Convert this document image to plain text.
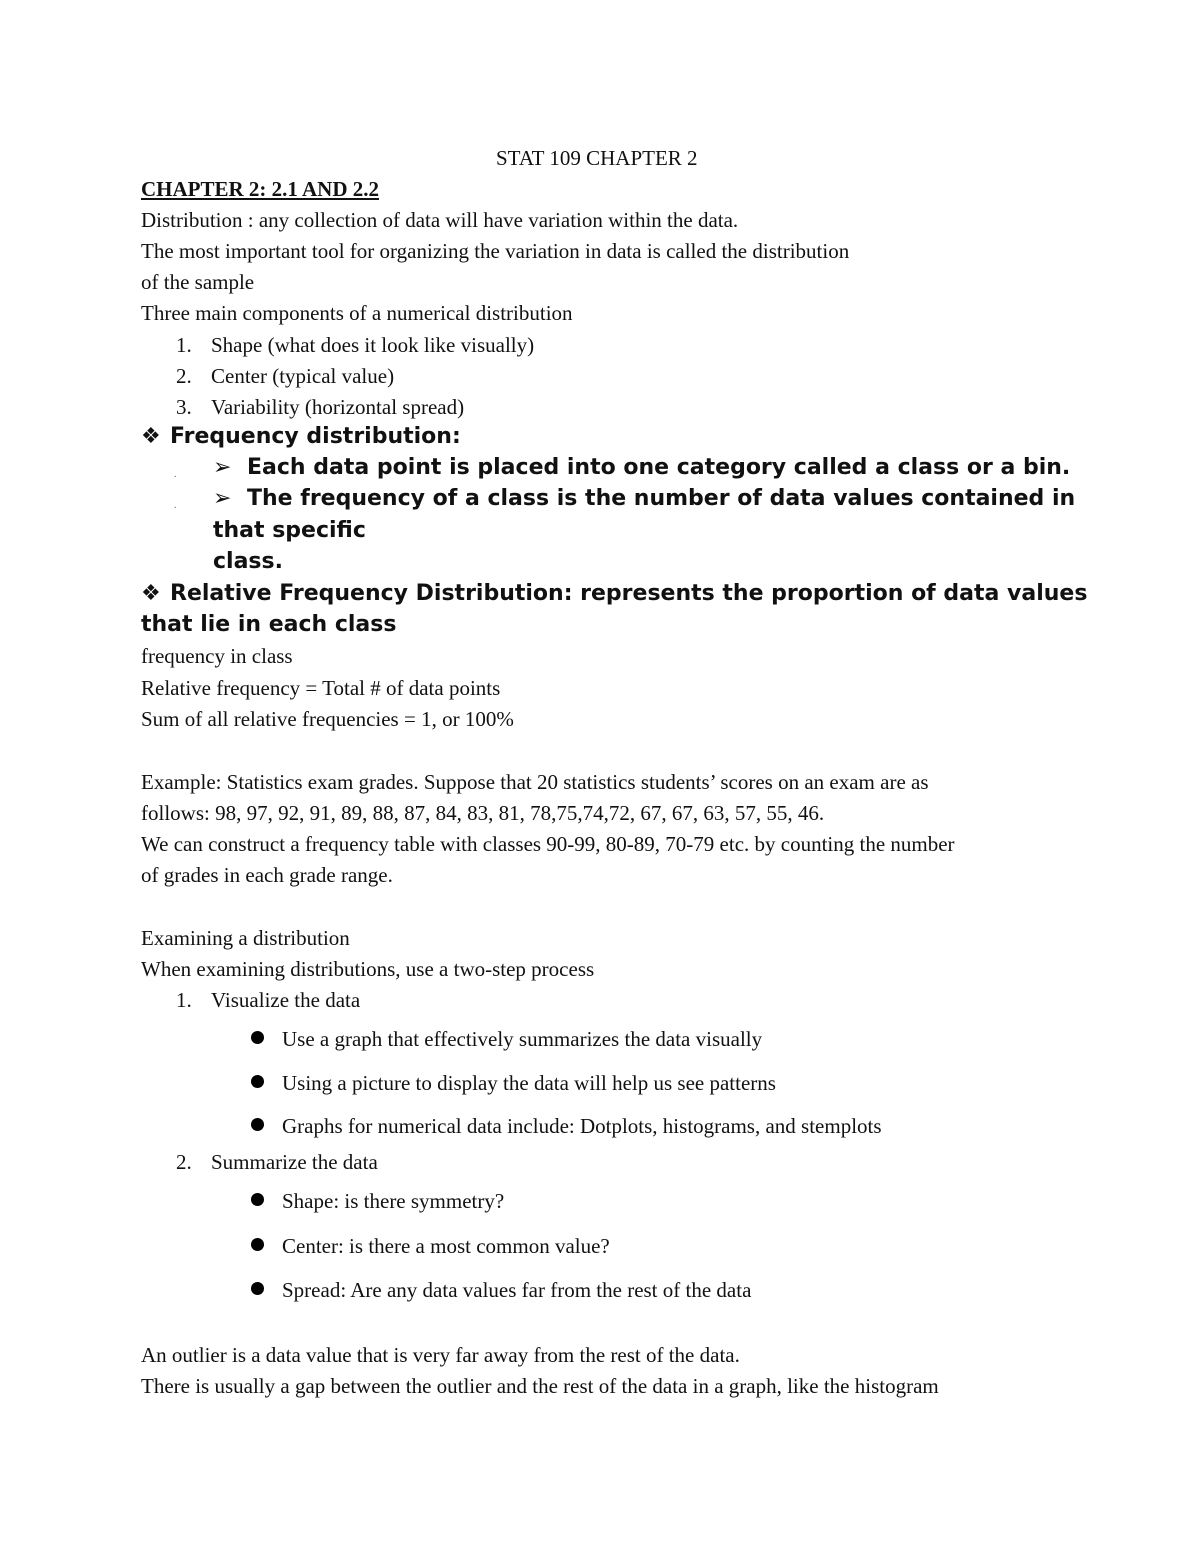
STAT 109 CHAPTER 2
CHAPTER 2: 2.1 AND 2.2
Distribution : any collection of data will have variation within the data.
The most important tool for organizing the variation in data is called the distribution
of the sample
Three main components of a numerical distribution
1. Shape (what does it look like visually)
2. Center (typical value)
3. Variability (horizontal spread)
❖ Frequency distribution:
. ➢ Each data point is placed into one category called a class or a bin.
. ➢ The frequency of a class is the number of data values contained in
that specific
class.
❖ Relative Frequency Distribution: represents the proportion of data values
that lie in each class
frequency in class
Relative frequency = Total # of data points
Sum of all relative frequencies = 1, or 100%
Example: Statistics exam grades. Suppose that 20 statistics students’ scores on an exam are as
follows: 98, 97, 92, 91, 89, 88, 87, 84, 83, 81, 78,75,74,72, 67, 67, 63, 57, 55, 46.
We can construct a frequency table with classes 90-99, 80-89, 70-79 etc. by counting the number
of grades in each grade range.
Examining a distribution
When examining distributions, use a two-step process
1. Visualize the data
Use a graph that effectively summarizes the data visually
Using a picture to display the data will help us see patterns
Graphs for numerical data include: Dotplots, histograms, and stemplots
2. Summarize the data
Shape: is there symmetry?
Center: is there a most common value?
Spread: Are any data values far from the rest of the data
An outlier is a data value that is very far away from the rest of the data.
There is usually a gap between the outlier and the rest of the data in a graph, like the histogram
